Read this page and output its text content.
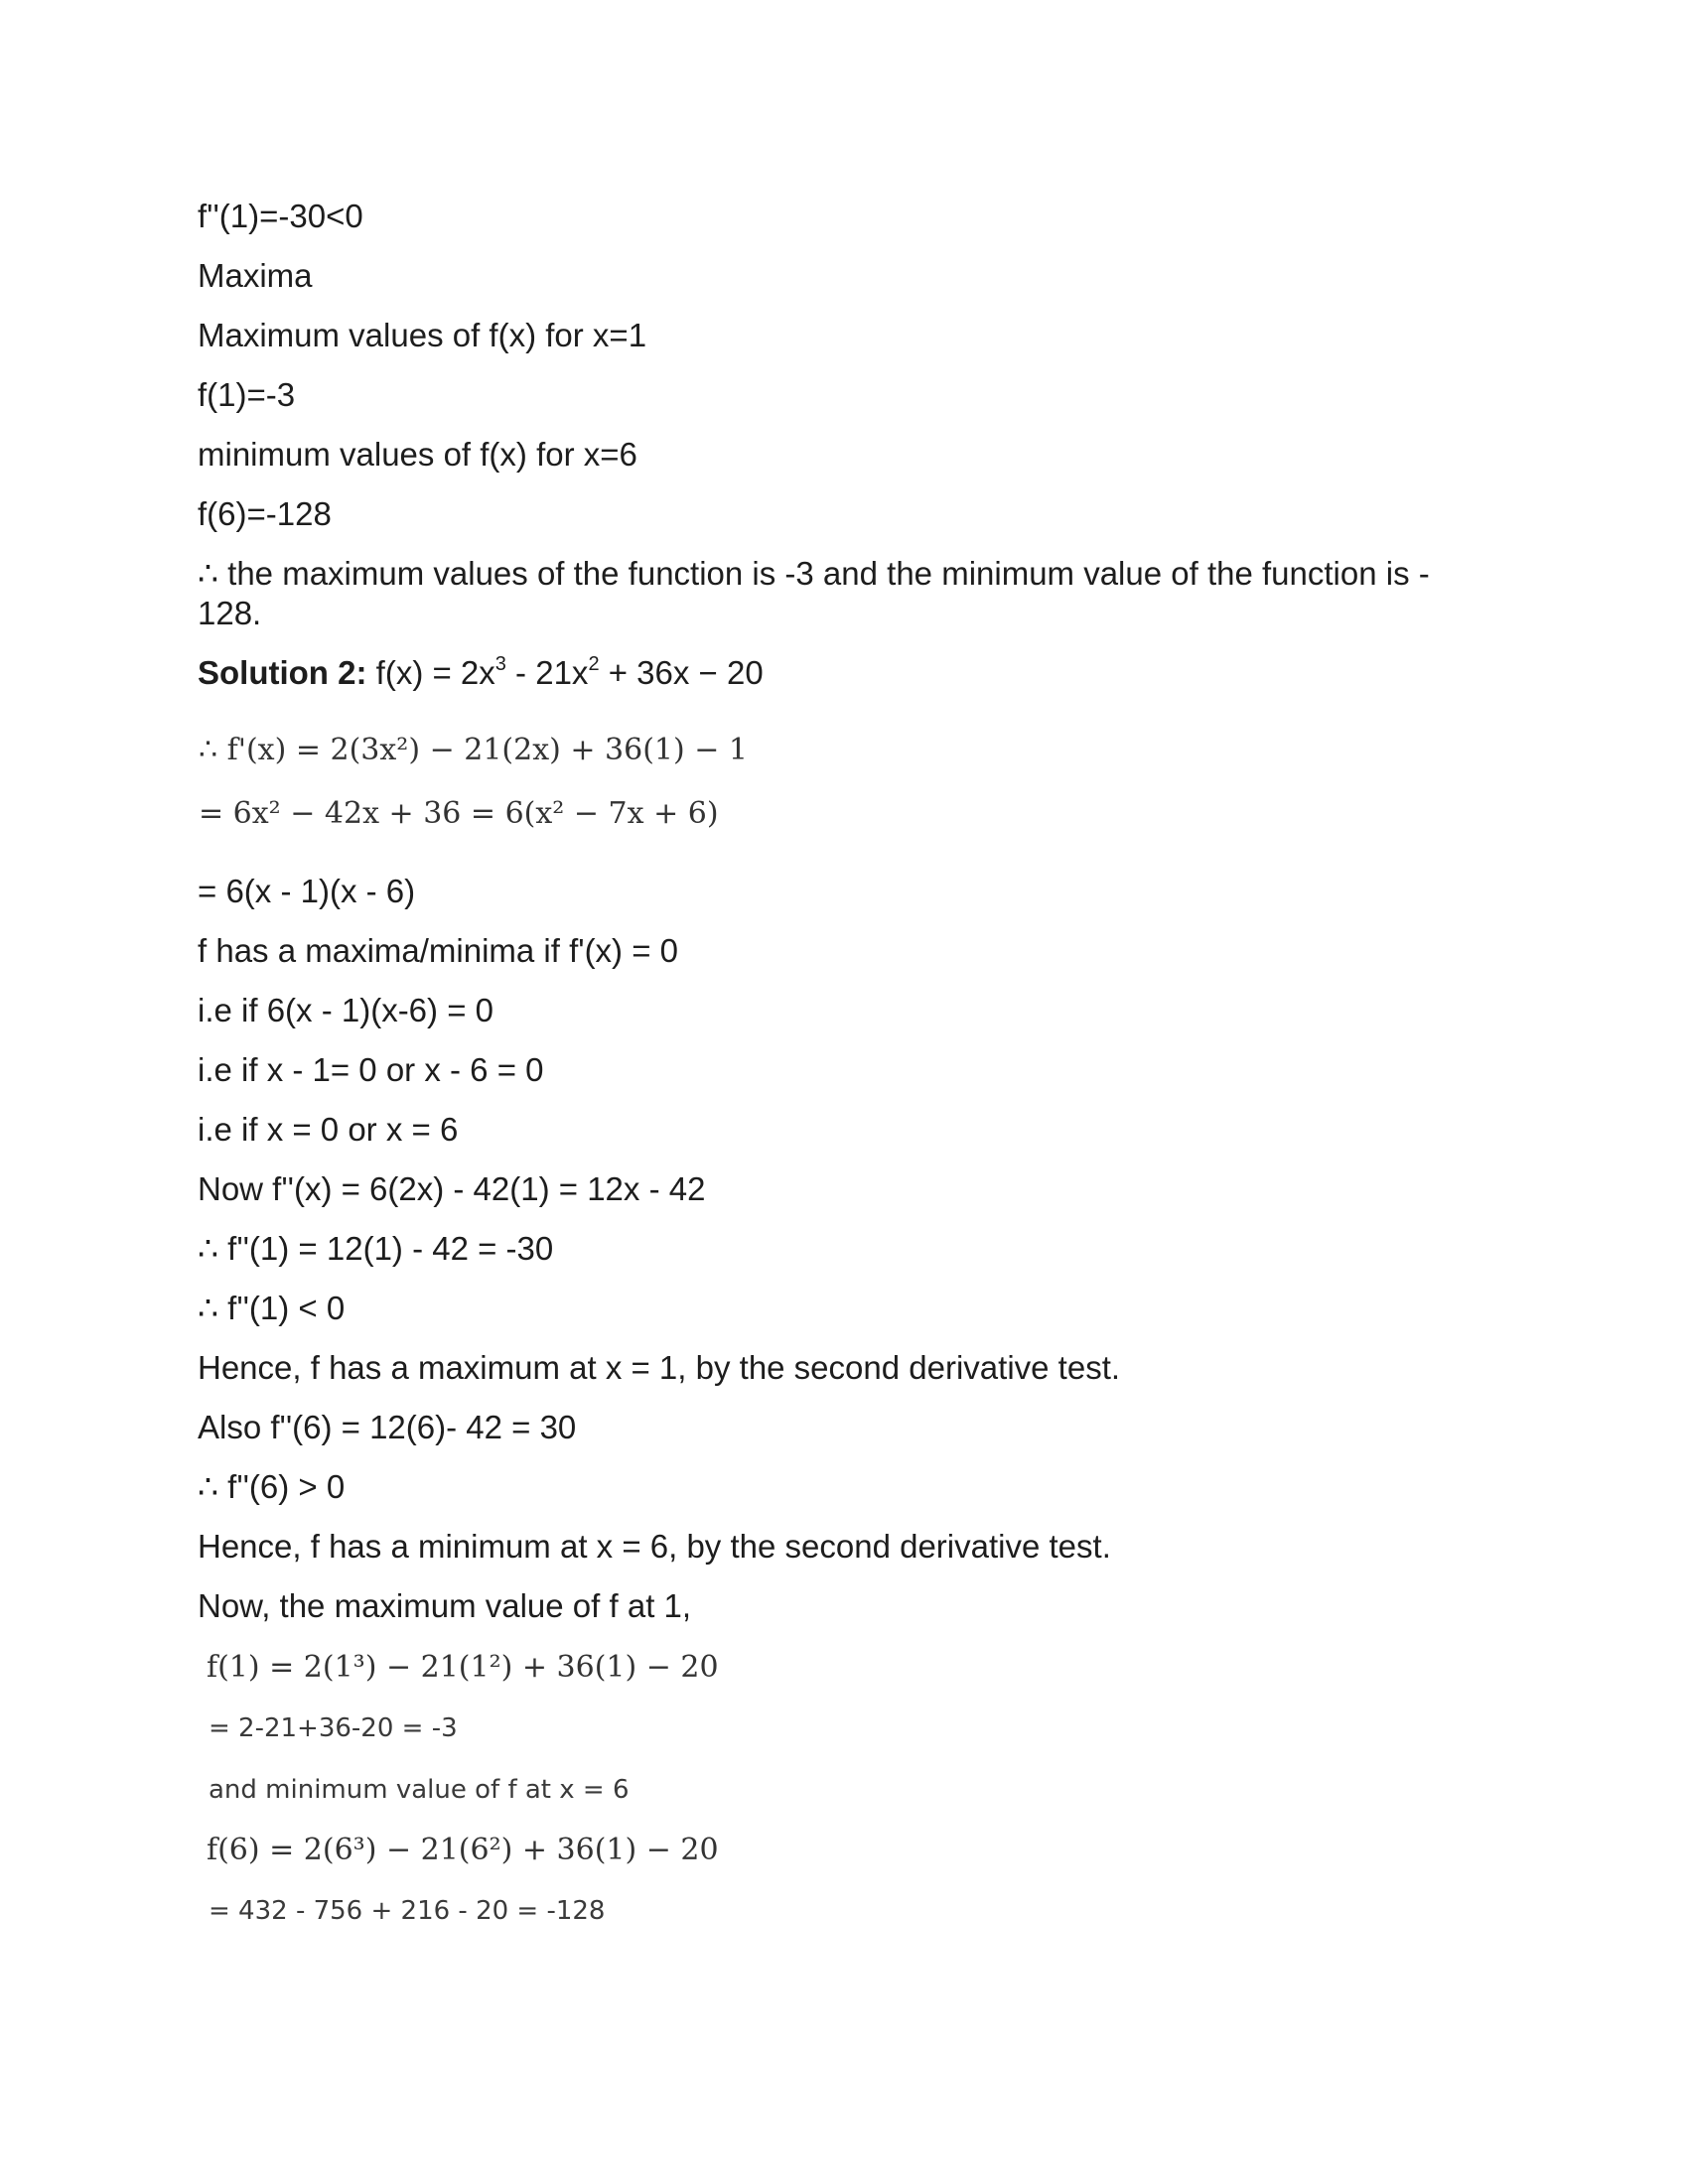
f''(1)=-30<0
Maxima
Maximum values of f(x) for x=1
f(1)=-3
minimum values of f(x) for x=6
f(6)=-128
∴ the maximum values of the function is -3 and the minimum value of the function is - 128.
Solution 2: $f(x) = 2x^3 - 21x^2 + 36x - 20$
∴ f'(x) = 2(3x²) − 21(2x) + 36(1) − 1
= 6x² − 42x + 36 = 6(x² − 7x + 6)
= 6(x - 1)(x - 6)
f has a maxima/minima if f'(x) = 0
i.e if 6(x - 1)(x-6) = 0
i.e if x - 1= 0 or x - 6 = 0
i.e if x = 0 or x = 6
Now f''(x) = 6(2x) - 42(1) = 12x - 42
∴ f''(1) = 12(1) - 42 = -30
∴ f''(1) < 0
Hence, f has a maximum at x = 1, by the second derivative test.
Also f''(6) = 12(6)- 42 = 30
∴ f''(6) > 0
Hence, f has a minimum at x = 6, by the second derivative test.
Now, the maximum value of f at 1,
f(1) = 2(1³) − 21(1²) + 36(1) − 20
= 2-21+36-20 = -3
and minimum value of f at x = 6
f(6) = 2(6³) − 21(6²) + 36(1) − 20
= 432 - 756 + 216 - 20 = -128
